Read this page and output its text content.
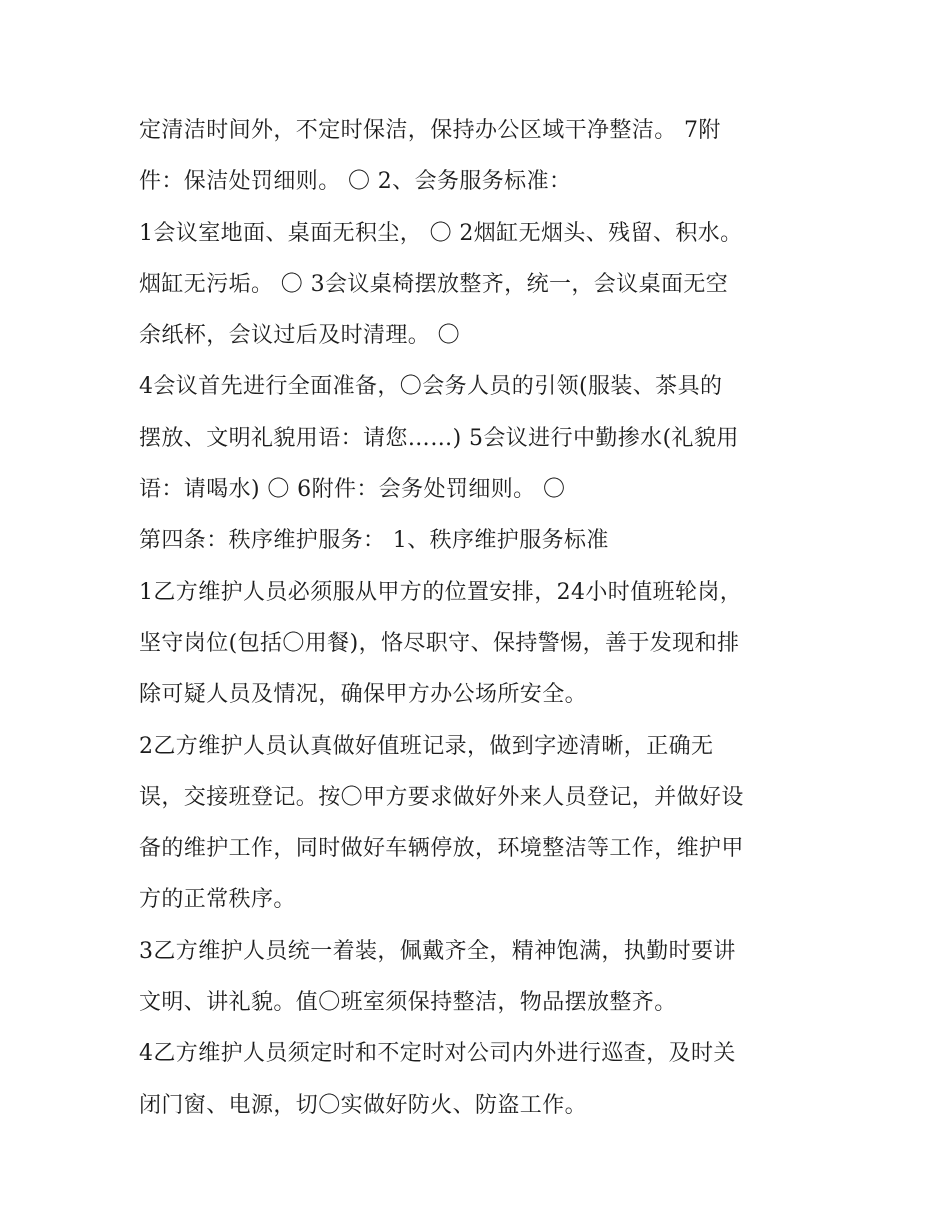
定清洁时间外，不定时保洁，保持办公区域干净整洁。 7附
件：保洁处罚细则。 〇 2、会务服务标准：
1会议室地面、桌面无积尘， 〇 2烟缸无烟头、残留、积水。
烟缸无污垢。 〇 3会议桌椅摆放整齐，统一，会议桌面无空
余纸杯，会议过后及时清理。 〇
4会议首先进行全面准备，〇会务人员的引领(服装、茶具的
摆放、文明礼貌用语：请您……) 5会议进行中勤掺水(礼貌用
语：请喝水) 〇 6附件：会务处罚细则。 〇
第四条：秩序维护服务： 1、秩序维护服务标准
1乙方维护人员必须服从甲方的位置安排，24小时值班轮岗，
坚守岗位(包括〇用餐)，恪尽职守、保持警惕，善于发现和排
除可疑人员及情况，确保甲方办公场所安全。
2乙方维护人员认真做好值班记录，做到字迹清晰，正确无
误，交接班登记。按〇甲方要求做好外来人员登记，并做好设
备的维护工作，同时做好车辆停放，环境整洁等工作，维护甲
方的正常秩序。
3乙方维护人员统一着装，佩戴齐全，精神饱满，执勤时要讲
文明、讲礼貌。值〇班室须保持整洁，物品摆放整齐。
4乙方维护人员须定时和不定时对公司内外进行巡查，及时关
闭门窗、电源，切〇实做好防火、防盗工作。
